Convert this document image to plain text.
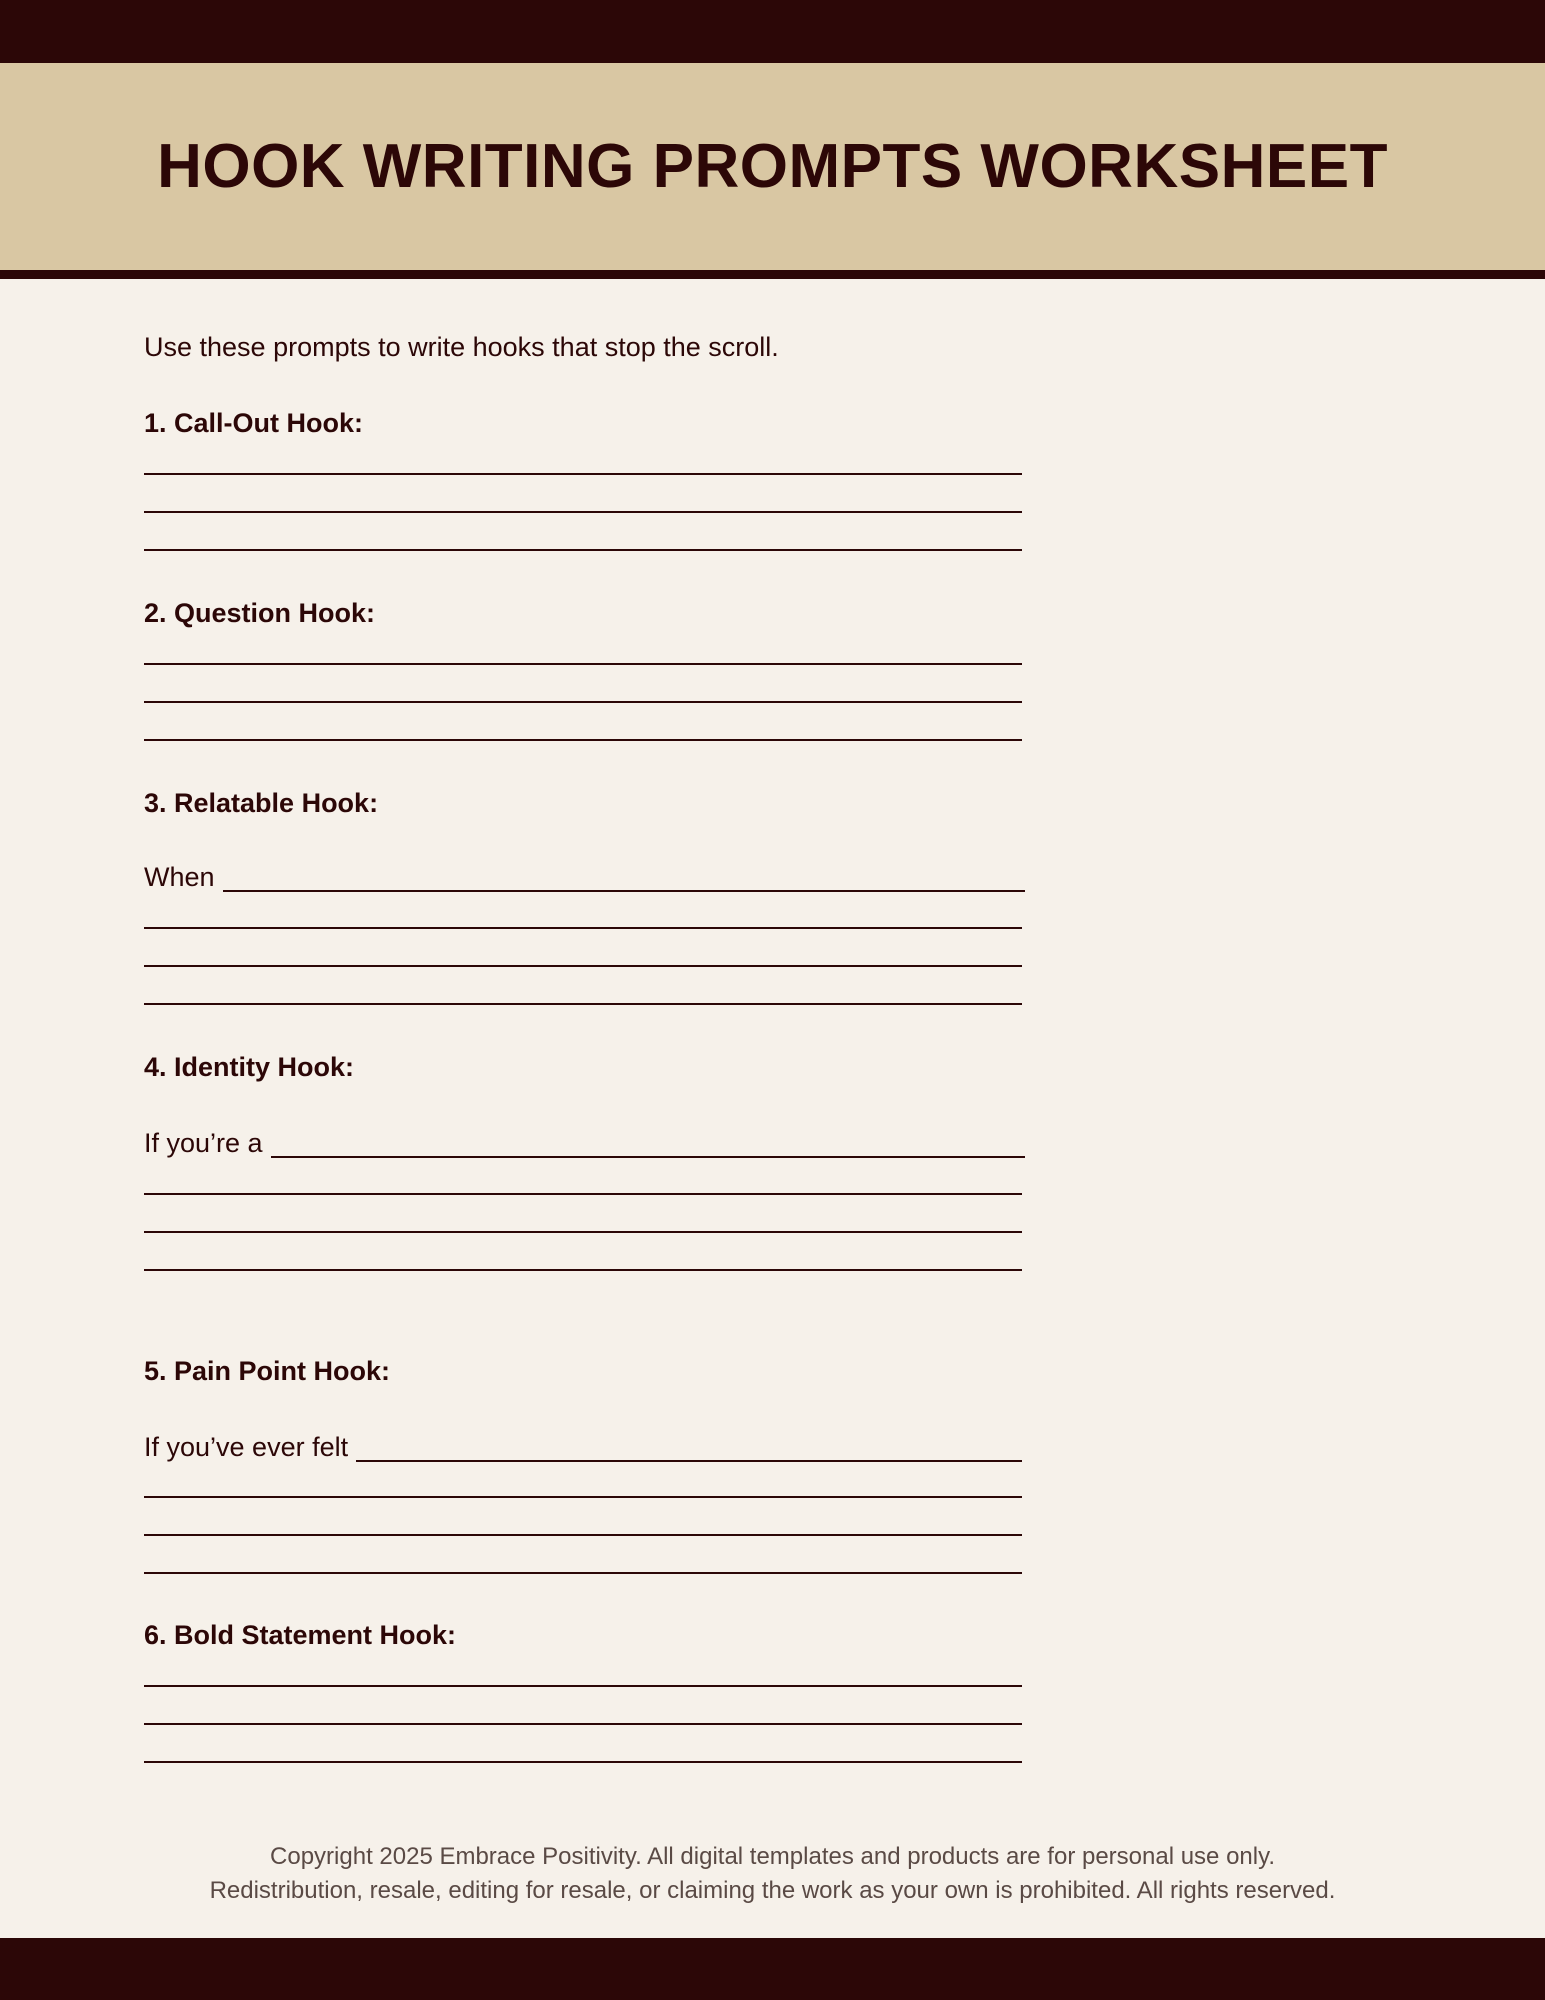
HOOK WRITING PROMPTS WORKSHEET

Use these prompts to write hooks that stop the scroll.

1. Call-Out Hook:
2. Question Hook:
3. Relatable Hook:
When
4. Identity Hook:
If you’re a
5. Pain Point Hook:
If you’ve ever felt
6. Bold Statement Hook:

Copyright 2025 Embrace Positivity. All digital templates and products are for personal use only.

Redistribution, resale, editing for resale, or claiming the work as your own is prohibited. All rights reserved.
